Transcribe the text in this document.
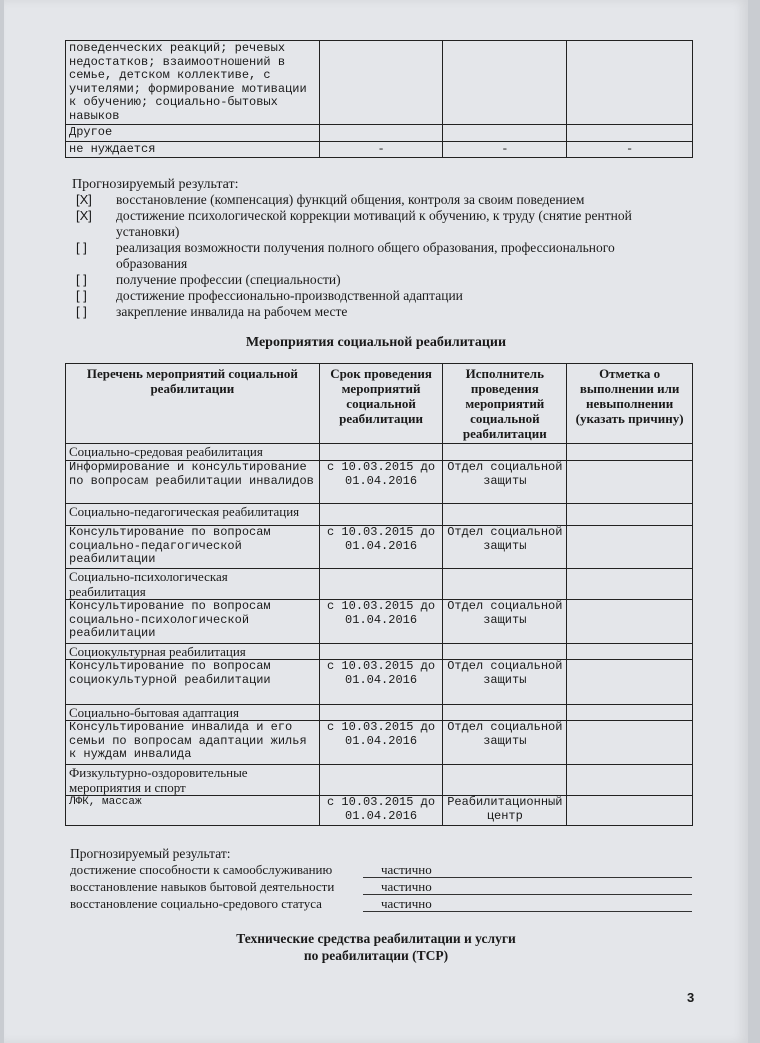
поведенческих реакций; речевых недостатков; взаимоотношений в семье, детском коллективе, с учителями; формирование мотивации к обучению; социально-бытовых навыков			
Другое			
не нуждается	-	-	-
Прогнозируемый результат:
[X]	восстановление (компенсация) функций общения, контроля за своим поведением
[X]	достижение психологической коррекции мотиваций к обучению, к труду (снятие рентной установки)
[ ]	реализация возможности получения полного общего образования, профессионального образования
[ ]	получение профессии (специальности)
[ ]	достижение профессионально-производственной адаптации
[ ]	закрепление инвалида на рабочем месте
Мероприятия социальной реабилитации
Перечень мероприятий социальной реабилитации	Срок проведения мероприятий социальной реабилитации	Исполнитель проведения мероприятий социальной реабилитации	Отметка о выполнении или невыполнении (указать причину)
Социально-средовая реабилитация			
Информирование и консультирование по вопросам реабилитации инвалидов	с 10.03.2015 до 01.04.2016	Отдел социальной защиты	
Социально-педагогическая реабилитация			
Консультирование по вопросам социально-педагогической реабилитации	с 10.03.2015 до 01.04.2016	Отдел социальной защиты	

Социально-психологическая реабилитация			

Консультирование по вопросам социально-психологической реабилитации	с 10.03.2015 до 01.04.2016	Отдел социальной защиты	
Социокультурная реабилитация			
Консультирование по вопросам социокультурной реабилитации	с 10.03.2015 до 01.04.2016	Отдел социальной защиты	
Социально-бытовая адаптация			
Консультирование инвалида и его семьи по вопросам адаптации жилья к нуждам инвалида	с 10.03.2015 до 01.04.2016	Отдел социальной защиты	

Физкультурно-оздоровительные мероприятия и спорт			

ЛФК, массаж	с 10.03.2015 до 01.04.2016	Реабилитационный центр	
Прогнозируемый результат:
достижение способности к самообслуживанию	частично
восстановление навыков бытовой деятельности	частично
восстановление социально-средового статуса	частично
Технические средства реабилитации и услуги
по реабилитации (ТСР)
3
